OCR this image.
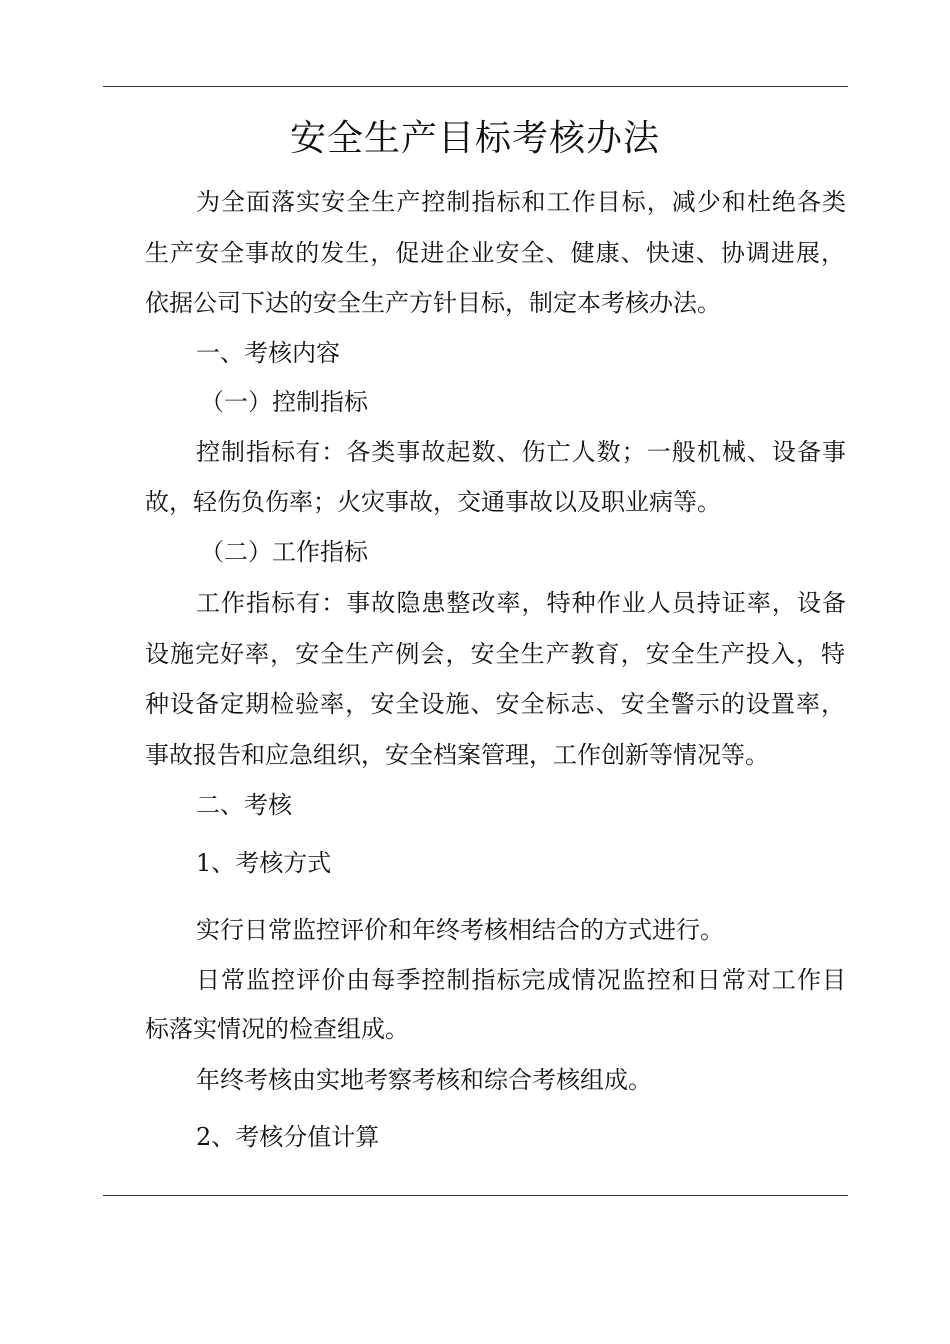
安全生产目标考核办法
为全面落实安全生产控制指标和工作目标，减少和杜绝各类
生产安全事故的发生，促进企业安全、健康、快速、协调进展，
依据公司下达的安全生产方针目标，制定本考核办法。
一、考核内容
（一）控制指标
控制指标有：各类事故起数、伤亡人数；一般机械、设备事
故，轻伤负伤率；火灾事故，交通事故以及职业病等。
（二）工作指标
工作指标有：事故隐患整改率，特种作业人员持证率，设备
设施完好率，安全生产例会，安全生产教育，安全生产投入，特
种设备定期检验率，安全设施、安全标志、安全警示的设置率，
事故报告和应急组织，安全档案管理，工作创新等情况等。
二、考核
1、考核方式
实行日常监控评价和年终考核相结合的方式进行。
日常监控评价由每季控制指标完成情况监控和日常对工作目
标落实情况的检查组成。
年终考核由实地考察考核和综合考核组成。
2、考核分值计算
